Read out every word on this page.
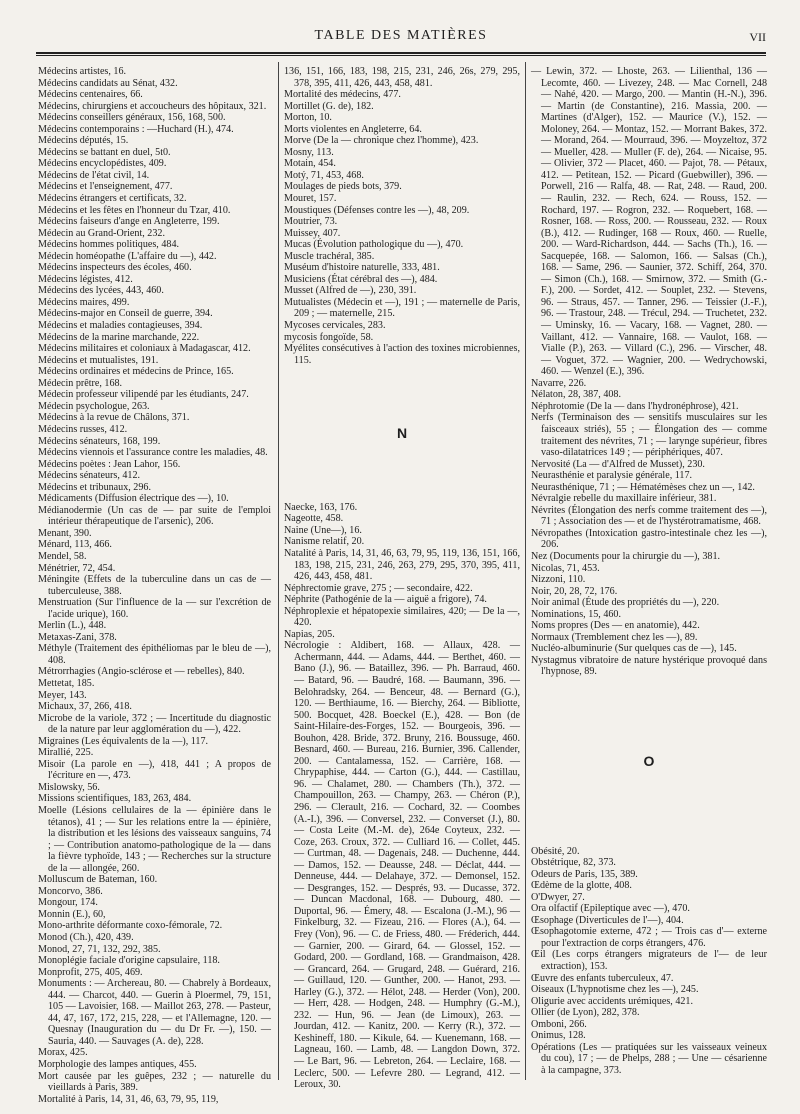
TABLE DES MATIÈRES	VII

Médecins artistes, 16.

Médecins candidats au Sénat, 432.

Médecins centenaires, 66.

Médecins, chirurgiens et accoucheurs des hôpitaux, 321.

Médecins conseillers généraux, 156, 168, 500.

Médecins contemporains : —Huchard (H.), 474.

Médecins députés, 15.

Médecins se battant en duel, 5t0.

Médecins encyclopédistes, 409.

Médecins de l'état civil, 14.

Médecins et l'enseignement, 477.

Médecins étrangers et certificats, 32.

Médecins et les fêtes en l'honneur du Tzar, 410.

Médecins faiseurs d'ange en Angleterre, 199.

Médecin au Grand-Orient, 232.

Médecins hommes politiques, 484.

Médecin homéopathe (L'affaire du —), 442.

Médecins inspecteurs des écoles, 460.

Médecins légistes, 412.

Médecins des lycées, 443, 460.

Médecins maires, 499.

Médecins-major en Conseil de guerre, 394.

Médecins et maladies contagieuses, 394.

Médecins de la marine marchande, 222.

Médecins militaires et coloniaux à Madagascar, 412.

Médecins et mutualistes, 191.

Médecins ordinaires et médecins de Prince, 165.

Médecin prêtre, 168.

Médecin professeur vilipendé par les étudiants, 247.

Médecin psychologue, 263.

Médecins à la revue de Châlons, 371.

Médecins russes, 412.

Médecins sénateurs, 168, 199.

Médecins viennois et l'assurance contre les maladies, 48.

Médecins poètes : Jean Lahor, 156.

Médecins sénateurs, 412.

Médecins et tribunaux, 296.

Médicaments (Diffusion électrique des —), 10.

Médianodermie (Un cas de — par suite de l'emploi intérieur thérapeutique de l'arsenic), 206.

Menant, 390.

Ménard, 113, 466.

Mendel, 58.

Ménétrier, 72, 454.

Méningite (Effets de la tuberculine dans un cas de — tuberculeuse, 388.

Menstruation (Sur l'influence de la — sur l'excrétion de l'acide urique), 160.

Merlin (L.), 448.

Metaxas-Zani, 378.

Méthyle (Traitement des épithéliomas par le bleu de —), 408.

Métrorrhagies (Angio-sclérose et — rebelles), 840.

Mettetat, 185.

Meyer, 143.

Michaux, 37, 266, 418.

Microbe de la variole, 372 ; — Incertitude du diagnostic de la nature par leur agglomération du —), 422.

Migraines (Les équivalents de la —), 117.

Mirallié, 225.

Misoir (La parole en —), 418, 441 ; A propos de l'écriture en —, 473.

Mislowsky, 56.

Missions scientifiques, 183, 263, 484.

Moelle (Lésions cellulaires de la — épinière dans le tétanos), 41 ; — Sur les relations entre la — épinière, la distribution et les lésions des vaisseaux sanguins, 74 ; — Contribution anatomo-pathologique de la — dans la fièvre typhoïde, 143 ; — Recherches sur la structure de la — allongée, 260.

Molluscum de Bateman, 160.

Moncorvo, 386.

Mongour, 174.

Monnin (E.), 60,

Mono-arthrite déformante coxo-fémorale, 72.

Monod (Ch.), 420, 439.

Monod, 27, 71, 132, 292, 385.

Monoplégie faciale d'origine capsulaire, 118.

Monprofit, 275, 405, 469.

Monuments : — Archereau, 80. — Chabrely à Bordeaux, 444. — Charcot, 440. — Guerin à Ploermel, 79, 151, 105 — Lavoisier, 168. — Maillot 263, 278. — Pasteur, 44, 47, 167, 172, 215, 228, — et l'Allemagne, 120. — Quesnay (Inauguration du — du Dr Fr. —), 150. — Sauria, 440. — Sauvages (A. de), 228.

Morax, 425.

Morphologie des lampes antiques, 455.

Mort causée par les guêpes, 232 ; — naturelle du vieillards à Paris, 389.

Mortalité à Paris, 14, 31, 46, 63, 79, 95, 119,

136, 151, 166, 183, 198, 215, 231, 246, 26s, 279, 295, 378, 395, 411, 426, 443, 458, 481.

Mortalité des médecins, 477.

Mortillet (G. de), 182.

Morton, 10.

Morts violentes en Angleterre, 64.

Morve (De la — chronique chez l'homme), 423.

Mosny, 113.

Motain, 454.

Motý, 71, 453, 468.

Moulages de pieds bots, 379.

Mouret, 157.

Moustiques (Défenses contre les —), 48, 209.

Moutrier, 73.

Muissey, 407.

Mucas (Évolution pathologique du —), 470.

Muscle trachéral, 385.

Muséum d'histoire naturelle, 333, 481.

Musiciens (État cérébral des —), 484.

Musset (Alfred de —), 230, 391.

Mutualistes (Médecin et —), 191 ; — maternelle de Paris, 209 ; — maternelle, 215.

Mycoses cervicales, 283.

mycosis fongoïde, 58.

Myélites consécutives à l'action des toxines microbiennes, 115.

N

Naecke, 163, 176.

Nageotte, 458.

Naine (Une—), 16.

Nanisme relatif, 20.

Natalité à Paris, 14, 31, 46, 63, 79, 95, 119, 136, 151, 166, 183, 198, 215, 231, 246, 263, 279, 295, 370, 395, 411, 426, 443, 458, 481.

Néphrectomie grave, 275 ; — secondaire, 422.

Néphrite (Pathogénie de la — aiguë a frigore), 74.

Néphroplexie et hépatopexie similaires, 420; — De la —, 420.

Napias, 205.

Nécrologie : Aldibert, 168. — Allaux, 428. — Achermann, 444. — Adams, 444. — Berthet, 460. — Bano (J.), 96. — Bataillez, 396. — Ph. Barraud, 460. — Batard, 96. — Baudré, 168. — Baumann, 396. — Belohradsky, 264. — Benceur, 48. — Bernard (G.), 120. — Berthiaume, 16. — Bierchy, 264. — Bibliotte, 500. Bocquet, 428. Boeckel (E.), 428. — Bon (de Saint-Hilaire-des-Forges, 152. — Bourgeois, 396. — Bouhon, 428. Bride, 372. Bruny, 216. Boussuge, 460. Besnard, 460. — Bureau, 216. Burnier, 396. Callender, 200. — Cantalamessa, 152. — Carrière, 168. — Chrypaphise, 444. — Carton (G.), 444. — Castillau, 96. — Chalamet, 280. — Chambers (Th.), 372. — Champouillon, 263. — Champy, 263. — Chéron (P.), 296. — Clerault, 216. — Cochard, 32. — Coombes (A.-I.), 396. — Conversel, 232. — Converset (J.), 80. — Costa Leite (M.-M. de), 264e Coyteux, 232. — Coze, 263. Croux, 372. — Culliard 16. — Collet, 445. — Curtman, 48. — Dagenais, 248. — Duchenne, 444. — Damos, 152. — Deausse, 248. — Déclat, 444. — Denneuse, 444. — Delahaye, 372. — Demonsel, 152. — Desgranges, 152. — Després, 93. — Ducasse, 372. — Duncan Macdonal, 168. — Dubourg, 480. — Duportal, 96. — Émery, 48. — Escalona (J.-M.), 96 — Finkelburg, 32. — Fizeau, 216. — Flores (A.), 64. — Frey (Von), 96. — C. de Friess, 480. — Fréderich, 444. — Garnier, 200. — Girard, 64. — Glossel, 152. — Godard, 200. — Gordland, 168. — Grandmaison, 428. — Grancard, 264. — Grugard, 248. — Guérard, 216. — Guillaud, 120. — Gunther, 200. — Hanot, 293. — Harley (G.), 372. — Hélot, 248. — Herder (Von), 200. — Herr, 428. — Hodgen, 248. — Humphry (G.-M.), 232. — Hun, 96. — Jean (de Limoux), 263. — Jourdan, 412. — Kanitz, 200. — Kerry (R.), 372. — Keshineff, 180. — Kikule, 64. — Kuenemann, 168. — Lagneau, 160. — Lamb, 48. — Langdon Down, 372. — Le Bart, 96. — Lebreton, 264. — Leclaire, 168. — Leclerc, 500. — Lefevre 280. — Legrand, 412. — Leroux, 30.

— Lewin, 372. — Lhoste, 263. — Lilienthal, 136 — Lecomte, 460. — Livezey, 248. — Mac Cornell, 248 — Nahé, 420. — Margo, 200. — Mantin (H.-N.), 396. — Martin (de Constantine), 216. Massia, 200. — Martines (d'Alger), 152. — Maurice (V.), 152. — Moloney, 264. — Montaz, 152. — Morrant Bakes, 372. — Morand, 264. — Mourraud, 396. — Moyzeltoz, 372 — Mueller, 428. — Muller (F. de), 264. — Nicaise, 95. — Olivier, 372 — Placet, 460. — Pajot, 78. — Pétaux, 412. — Petitean, 152. — Picard (Guebwiller), 396. — Porwell, 216 — Ralfa, 48. — Rat, 248. — Raud, 200. — Raulin, 232. — Rech, 624. — Rouss, 152. — Rochard, 197. — Rogron, 232. — Roquebert, 168. — Rosner, 168. — Ross, 200. — Rousseau, 232. — Roux (B.), 412. — Rudinger, 168 — Roux, 460. — Ruelle, 200. — Ward-Richardson, 444. — Sachs (Th.), 16. — Sacquepée, 168. — Salomon, 166. — Salsas (Ch.), 168. — Same, 296. — Saunier, 372. Schiff, 264, 370. — Simon (Ch.), 168. — Smirnow, 372. — Smith (G.-F.), 200. — Sordet, 412. — Souplet, 232. — Stevens, 96. — Straus, 457. — Tanner, 296. — Teissier (J.-F.), 96. — Trastour, 248. — Trécul, 294. — Truchetet, 232. — Uminsky, 16. — Vacary, 168. — Vagnet, 280. — Vaillant, 412. — Vannaire, 168. — Vaulot, 168. — Vialle (P.), 263. — Villard (C.), 296. — Virscher, 48. — Voguet, 372. — Wagnier, 200. — Wedrychowski, 460. — Wenzel (E.), 396.

Navarre, 226.

Nélaton, 28, 387, 408.

Néphrotomie (De la — dans l'hydronéphrose), 421.

Nerfs (Terminaison des — sensitifs musculaires sur les faisceaux striés), 55 ; — Élongation des — comme traitement des névrites, 71 ; — larynge supérieur, fibres vaso-dilatatrices 149 ; — périphériques, 407.

Nervosité (La — d'Alfred de Musset), 230.

Neurasthénie et paralysie générale, 117.

Neurasthénique, 71 ; — Hématémèses chez un —, 142.

Névralgie rebelle du maxillaire inférieur, 381.

Névrites (Élongation des nerfs comme traitement des —), 71 ; Association des — et de l'hystérotramatisme, 468.

Névropathes (Intoxication gastro-intestinale chez les —), 206.

Nez (Documents pour la chirurgie du —), 381.

Nicolas, 71, 453.

Nizzoni, 110.

Noir, 20, 28, 72, 176.

Noir animal (Étude des propriétés du —), 220.

Nominations, 15, 460.

Noms propres (Des — en anatomie), 442.

Normaux (Tremblement chez les —), 89.

Nucléo-albuminurie (Sur quelques cas de —), 145.

Nystagmus vibratoire de nature hystérique provoqué dans l'hypnose, 89.

O

Obésité, 20.

Obstétrique, 82, 373.

Odeurs de Paris, 135, 389.

Œdème de la glotte, 408.

O'Dwyer, 27.

Ora olfactif (Epileptique avec —), 470.

Œsophage (Diverticules de l'—), 404.

Œsophagotomie externe, 472 ; — Trois cas d'— externe pour l'extraction de corps étrangers, 476.

Œil (Les corps étrangers migrateurs de l'— de leur extraction), 153.

Œuvre des enfants tuberculeux, 47.

Oiseaux (L'hypnotisme chez les —), 245.

Oligurie avec accidents urémiques, 421.

Ollier (de Lyon), 282, 378.

Omboni, 266.

Onimus, 128.

Opérations (Les — pratiquées sur les vaisseaux veineux du cou), 17 ; — de Phelps, 288 ; — Une — césarienne à la campagne, 373.
